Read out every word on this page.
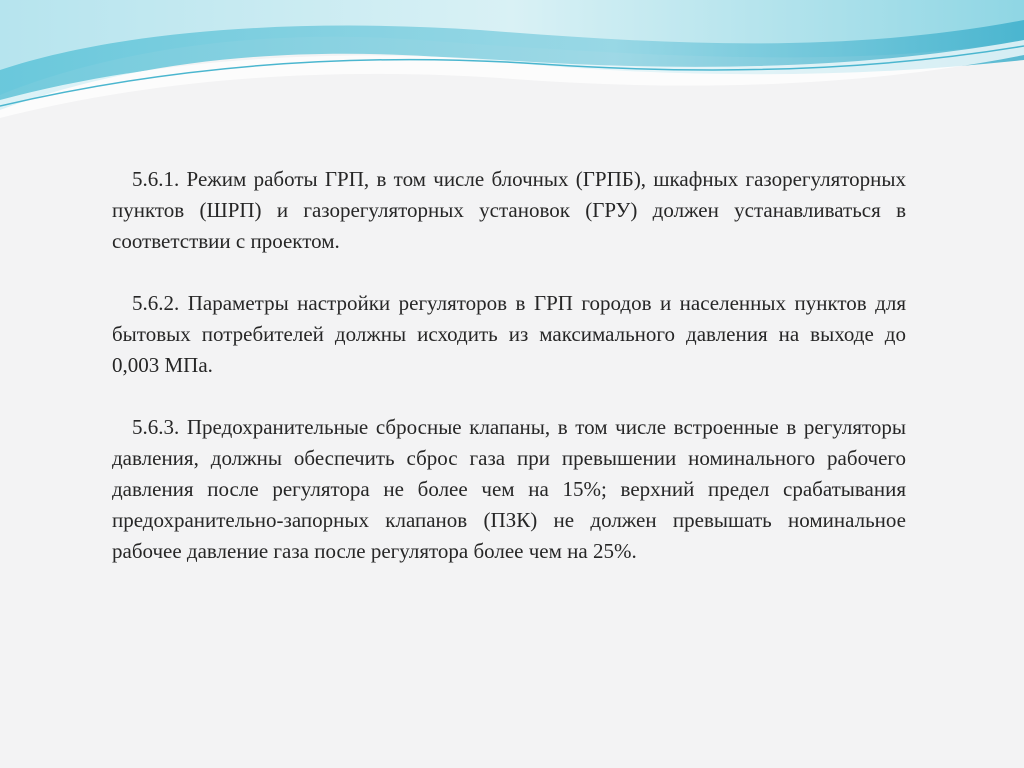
5.6.1. Режим работы ГРП, в том числе блочных (ГРПБ), шкафных газорегуляторных пунктов (ШРП) и газорегуляторных установок (ГРУ) должен устанавливаться в соответствии с проектом.

5.6.2. Параметры настройки регуляторов в ГРП городов и населенных пунктов для бытовых потребителей должны исходить из максимального давления на выходе до 0,003 МПа.

5.6.3. Предохранительные сбросные клапаны, в том числе встроенные в регуляторы давления, должны обеспечить сброс газа при превышении номинального рабочего давления после регулятора не более чем на 15%; верхний предел срабатывания предохранительно-запорных клапанов (ПЗК) не должен превышать номинальное рабочее давление газа после регулятора более чем на 25%.
